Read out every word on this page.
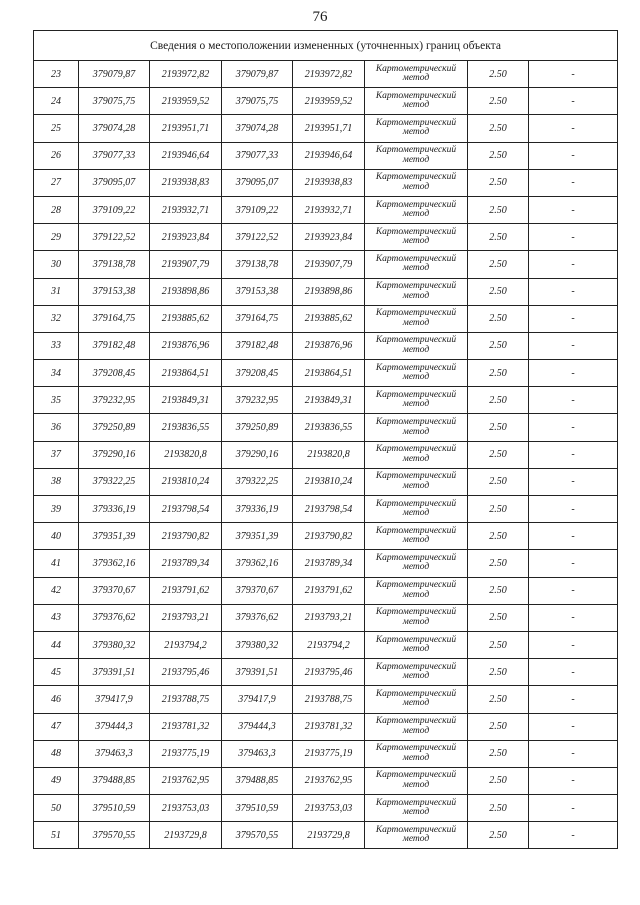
76
Сведения о местоположении измененных (уточненных) границ объекта							
23	379079,87	2193972,82	379079,87	2193972,82	Картометрический метод	2.50	-
24	379075,75	2193959,52	379075,75	2193959,52	Картометрический метод	2.50	-
25	379074,28	2193951,71	379074,28	2193951,71	Картометрический метод	2.50	-
26	379077,33	2193946,64	379077,33	2193946,64	Картометрический метод	2.50	-
27	379095,07	2193938,83	379095,07	2193938,83	Картометрический метод	2.50	-
28	379109,22	2193932,71	379109,22	2193932,71	Картометрический метод	2.50	-
29	379122,52	2193923,84	379122,52	2193923,84	Картометрический метод	2.50	-
30	379138,78	2193907,79	379138,78	2193907,79	Картометрический метод	2.50	-
31	379153,38	2193898,86	379153,38	2193898,86	Картометрический метод	2.50	-
32	379164,75	2193885,62	379164,75	2193885,62	Картометрический метод	2.50	-
33	379182,48	2193876,96	379182,48	2193876,96	Картометрический метод	2.50	-
34	379208,45	2193864,51	379208,45	2193864,51	Картометрический метод	2.50	-
35	379232,95	2193849,31	379232,95	2193849,31	Картометрический метод	2.50	-
36	379250,89	2193836,55	379250,89	2193836,55	Картометрический метод	2.50	-
37	379290,16	2193820,8	379290,16	2193820,8	Картометрический метод	2.50	-
38	379322,25	2193810,24	379322,25	2193810,24	Картометрический метод	2.50	-
39	379336,19	2193798,54	379336,19	2193798,54	Картометрический метод	2.50	-
40	379351,39	2193790,82	379351,39	2193790,82	Картометрический метод	2.50	-
41	379362,16	2193789,34	379362,16	2193789,34	Картометрический метод	2.50	-
42	379370,67	2193791,62	379370,67	2193791,62	Картометрический метод	2.50	-
43	379376,62	2193793,21	379376,62	2193793,21	Картометрический метод	2.50	-
44	379380,32	2193794,2	379380,32	2193794,2	Картометрический метод	2.50	-
45	379391,51	2193795,46	379391,51	2193795,46	Картометрический метод	2.50	-
46	379417,9	2193788,75	379417,9	2193788,75	Картометрический метод	2.50	-
47	379444,3	2193781,32	379444,3	2193781,32	Картометрический метод	2.50	-
48	379463,3	2193775,19	379463,3	2193775,19	Картометрический метод	2.50	-
49	379488,85	2193762,95	379488,85	2193762,95	Картометрический метод	2.50	-
50	379510,59	2193753,03	379510,59	2193753,03	Картометрический метод	2.50	-
51	379570,55	2193729,8	379570,55	2193729,8	Картометрический метод	2.50	-
